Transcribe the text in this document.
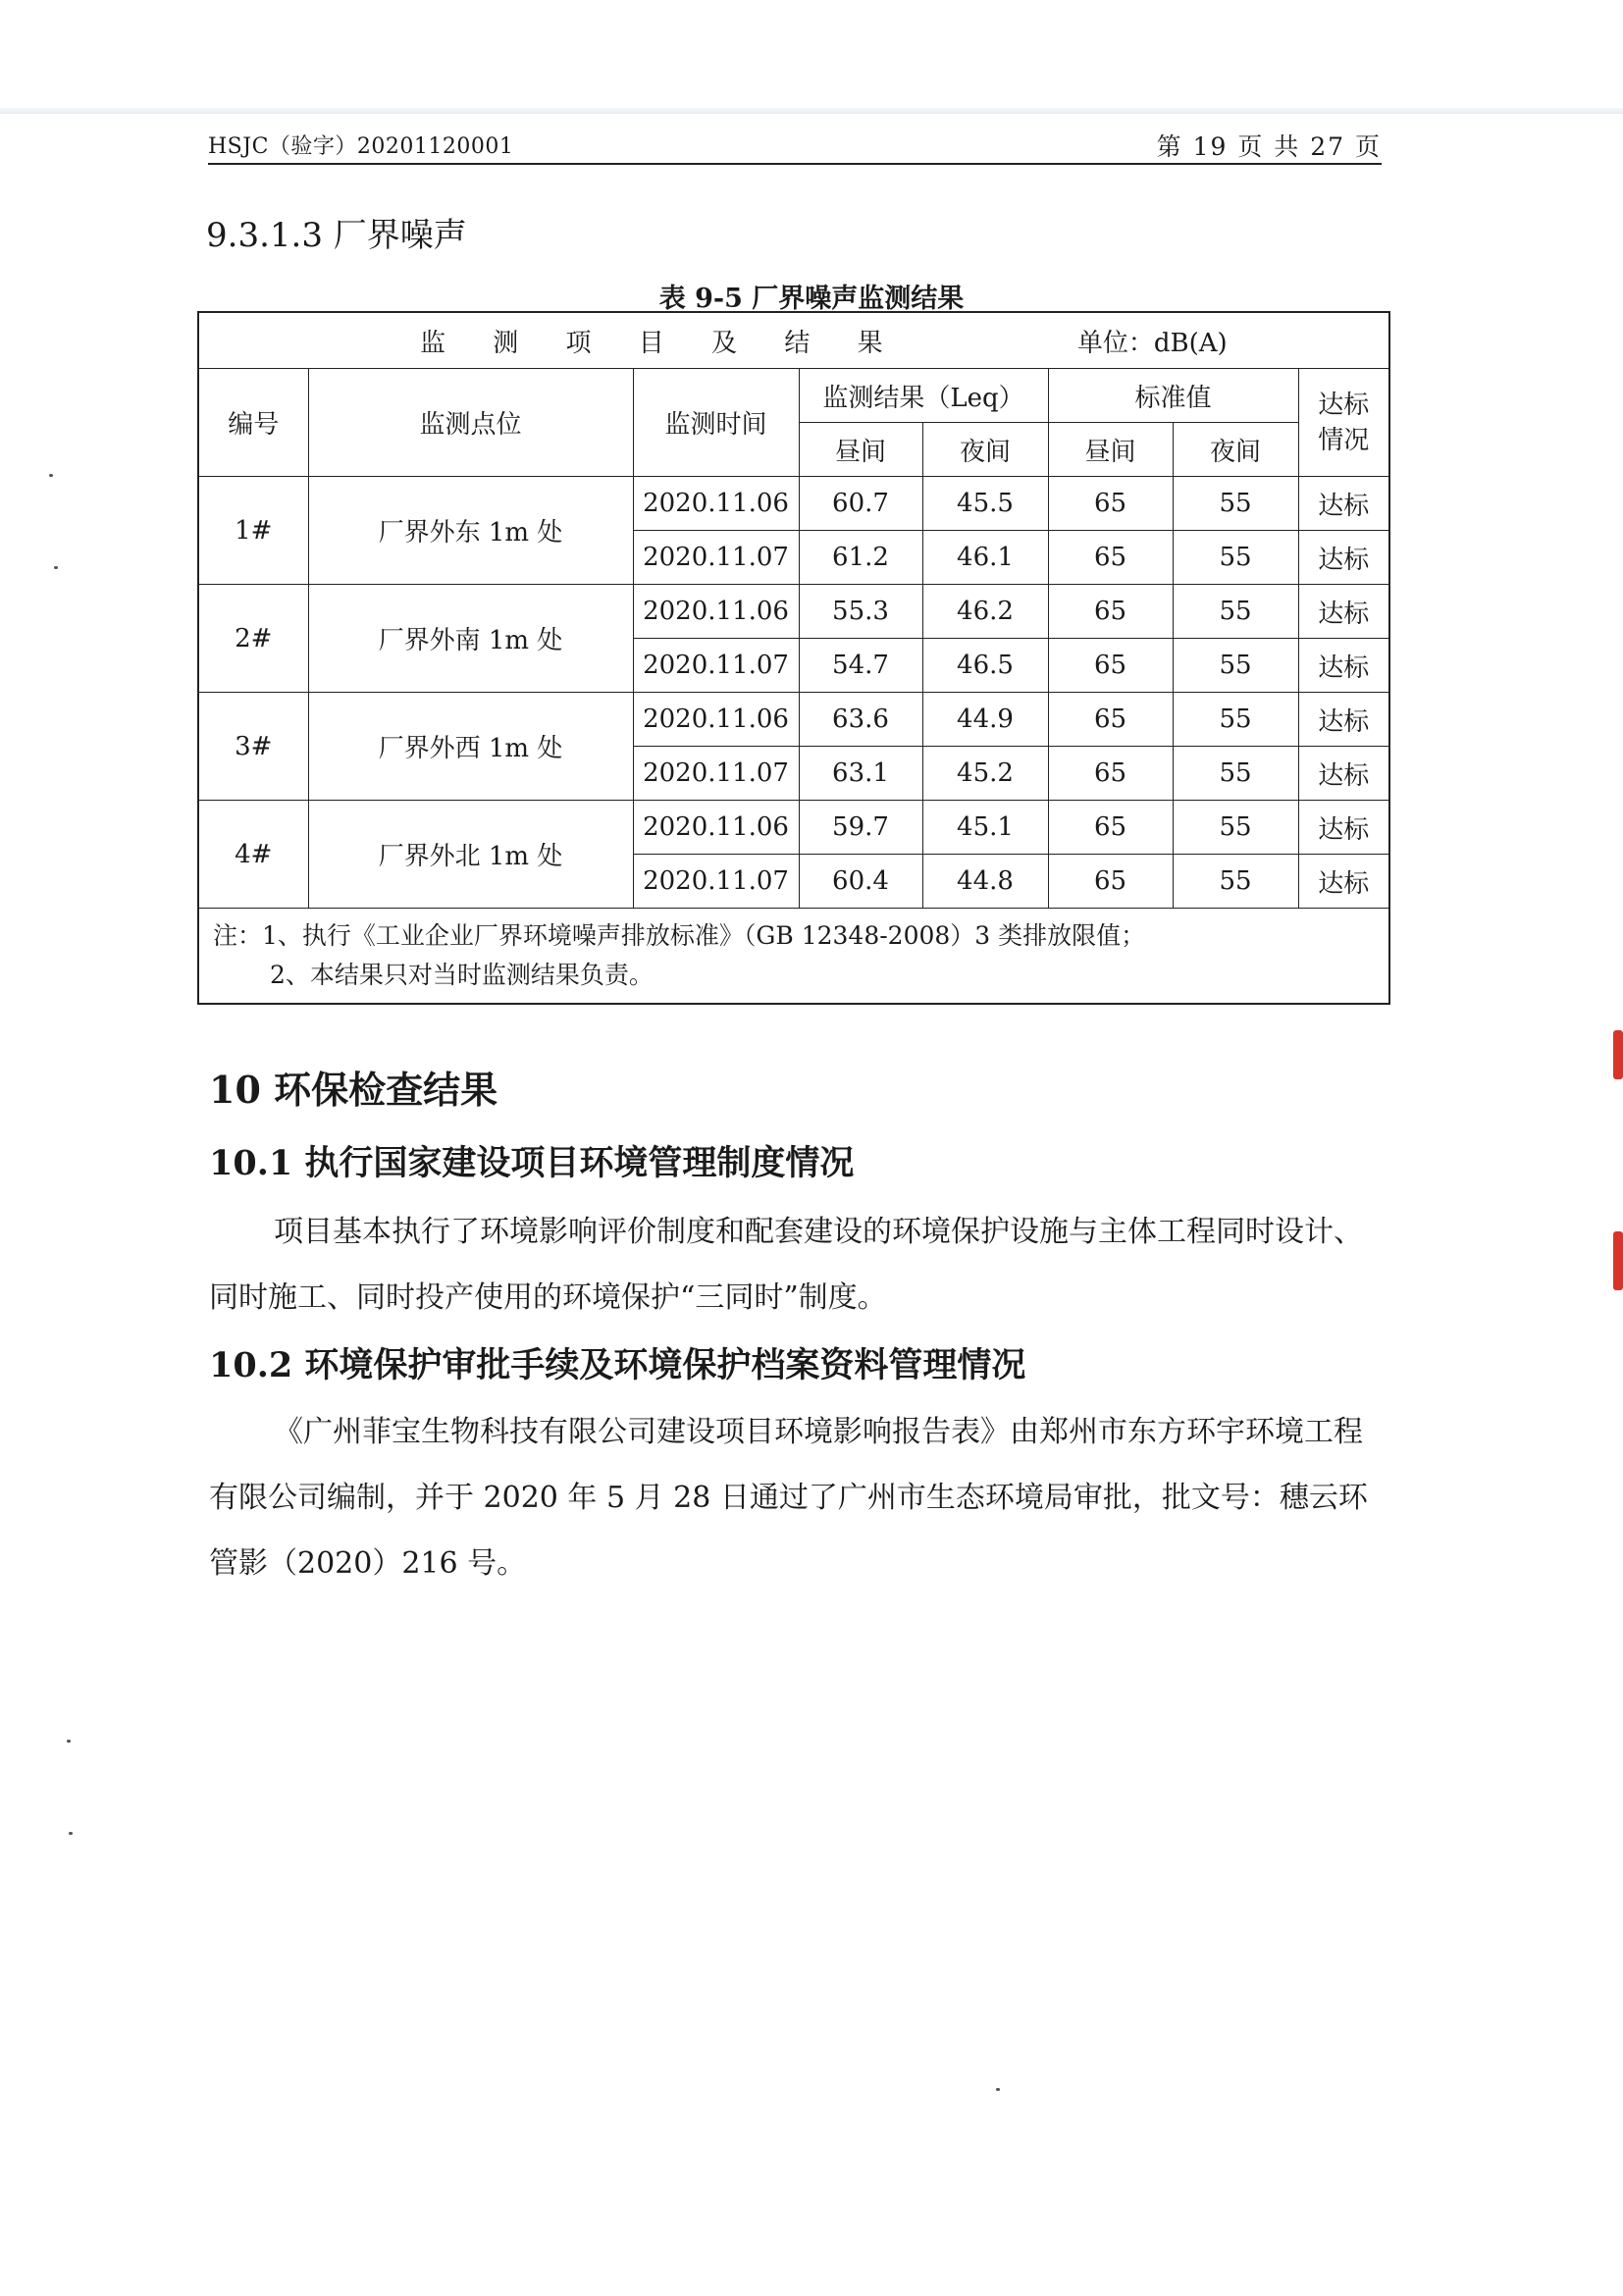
HSJC（验字）20201120001	第 19 页 共 27 页
9.3.1.3 厂界噪声
表 9-5 厂界噪声监测结果
监 测 项 目 及 结 果 单位：dB(A)							
编号	监测点位	监测时间	监测结果（Leq）		标准值		达标情况
			昼间	夜间	昼间	夜间	
1#	厂界外东 1m 处	2020.11.06	60.7	45.5	65	55	达标
		2020.11.07	61.2	46.1	65	55	达标
2#	厂界外南 1m 处	2020.11.06	55.3	46.2	65	55	达标
		2020.11.07	54.7	46.5	65	55	达标
3#	厂界外西 1m 处	2020.11.06	63.6	44.9	65	55	达标
		2020.11.07	63.1	45.2	65	55	达标
4#	厂界外北 1m 处	2020.11.06	59.7	45.1	65	55	达标
		2020.11.07	60.4	44.8	65	55	达标

注：1、执行《工业企业厂界环境噪声排放标准》（GB 12348-2008）3 类排放限值；
2、本结果只对当时监测结果负责。							
10 环保检查结果
10.1 执行国家建设项目环境管理制度情况

项目基本执行了环境影响评价制度和配套建设的环境保护设施与主体工程同时设计、同时施工、同时投产使用的环境保护“三同时”制度。

10.2 环境保护审批手续及环境保护档案资料管理情况

《广州菲宝生物科技有限公司建设项目环境影响报告表》由郑州市东方环宇环境工程有限公司编制，并于 2020 年 5 月 28 日通过了广州市生态环境局审批，批文号：穗云环管影（2020）216 号。
